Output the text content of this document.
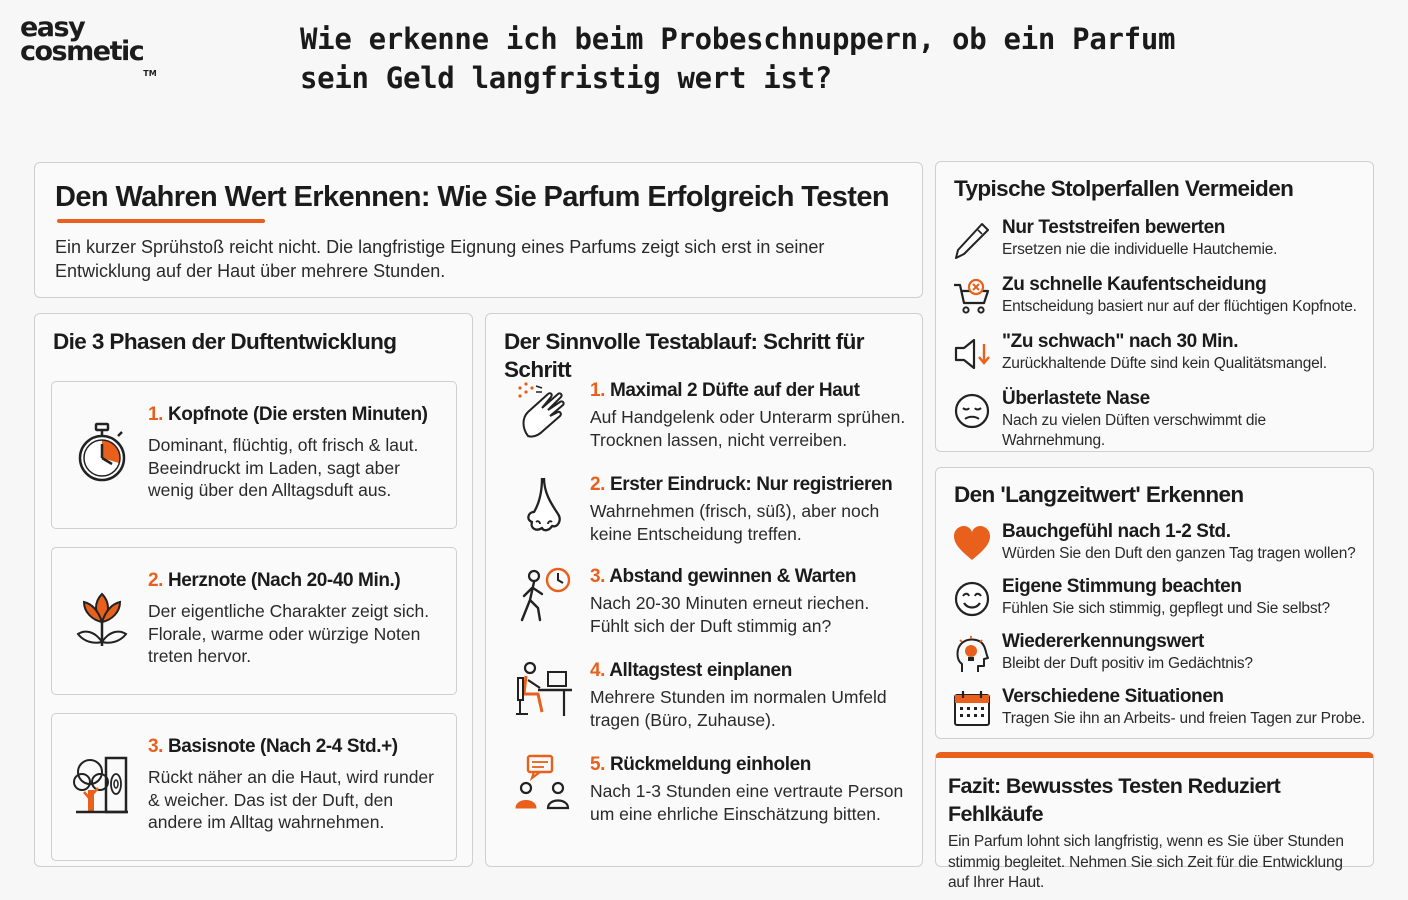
easy
cosmetic™
Wie erkenne ich beim Probeschnuppern, ob ein Parfum sein Geld langfristig wert ist?
Den Wahren Wert Erkennen: Wie Sie Parfum Erfolgreich Testen

Ein kurzer Sprühstoß reicht nicht. Die langfristige Eignung eines Parfums zeigt sich erst in seiner Entwicklung auf der Haut über mehrere Stunden.

Die 3 Phasen der Duftentwicklung
1. Kopfnote (Die ersten Minuten)

Dominant, flüchtig, oft frisch & laut. Beeindruckt im Laden, sagt aber wenig über den Alltagsduft aus.

2. Herznote (Nach 20-40 Min.)

Der eigentliche Charakter zeigt sich. Florale, warme oder würzige Noten treten hervor.

3. Basisnote (Nach 2-4 Std.+)

Rückt näher an die Haut, wird runder & weicher. Das ist der Duft, den andere im Alltag wahrnehmen.

Der Sinnvolle Testablauf: Schritt für Schritt
1. Maximal 2 Düfte auf der Haut

Auf Handgelenk oder Unterarm sprühen. Trocknen lassen, nicht verreiben.

2. Erster Eindruck: Nur registrieren

Wahrnehmen (frisch, süß), aber noch keine Entscheidung treffen.

3. Abstand gewinnen & Warten

Nach 20-30 Minuten erneut riechen. Fühlt sich der Duft stimmig an?

4. Alltagstest einplanen

Mehrere Stunden im normalen Umfeld tragen (Büro, Zuhause).

5. Rückmeldung einholen

Nach 1-3 Stunden eine vertraute Person um eine ehrliche Einschätzung bitten.

Typische Stolperfallen Vermeiden
Nur Teststreifen bewerten

Ersetzen nie die individuelle Hautchemie.

Zu schnelle Kaufentscheidung

Entscheidung basiert nur auf der flüchtigen Kopfnote.

"Zu schwach" nach 30 Min.

Zurückhaltende Düfte sind kein Qualitätsmangel.

Überlastete Nase

Nach zu vielen Düften verschwimmt die Wahrnehmung.

Den 'Langzeitwert' Erkennen
Bauchgefühl nach 1-2 Std.

Würden Sie den Duft den ganzen Tag tragen wollen?

Eigene Stimmung beachten

Fühlen Sie sich stimmig, gepflegt und Sie selbst?

Wiedererkennungswert

Bleibt der Duft positiv im Gedächtnis?

Verschiedene Situationen

Tragen Sie ihn an Arbeits- und freien Tagen zur Probe.

Fazit: Bewusstes Testen Reduziert Fehlkäufe

Ein Parfum lohnt sich langfristig, wenn es Sie über Stunden stimmig begleitet. Nehmen Sie sich Zeit für die Entwicklung auf Ihrer Haut.
